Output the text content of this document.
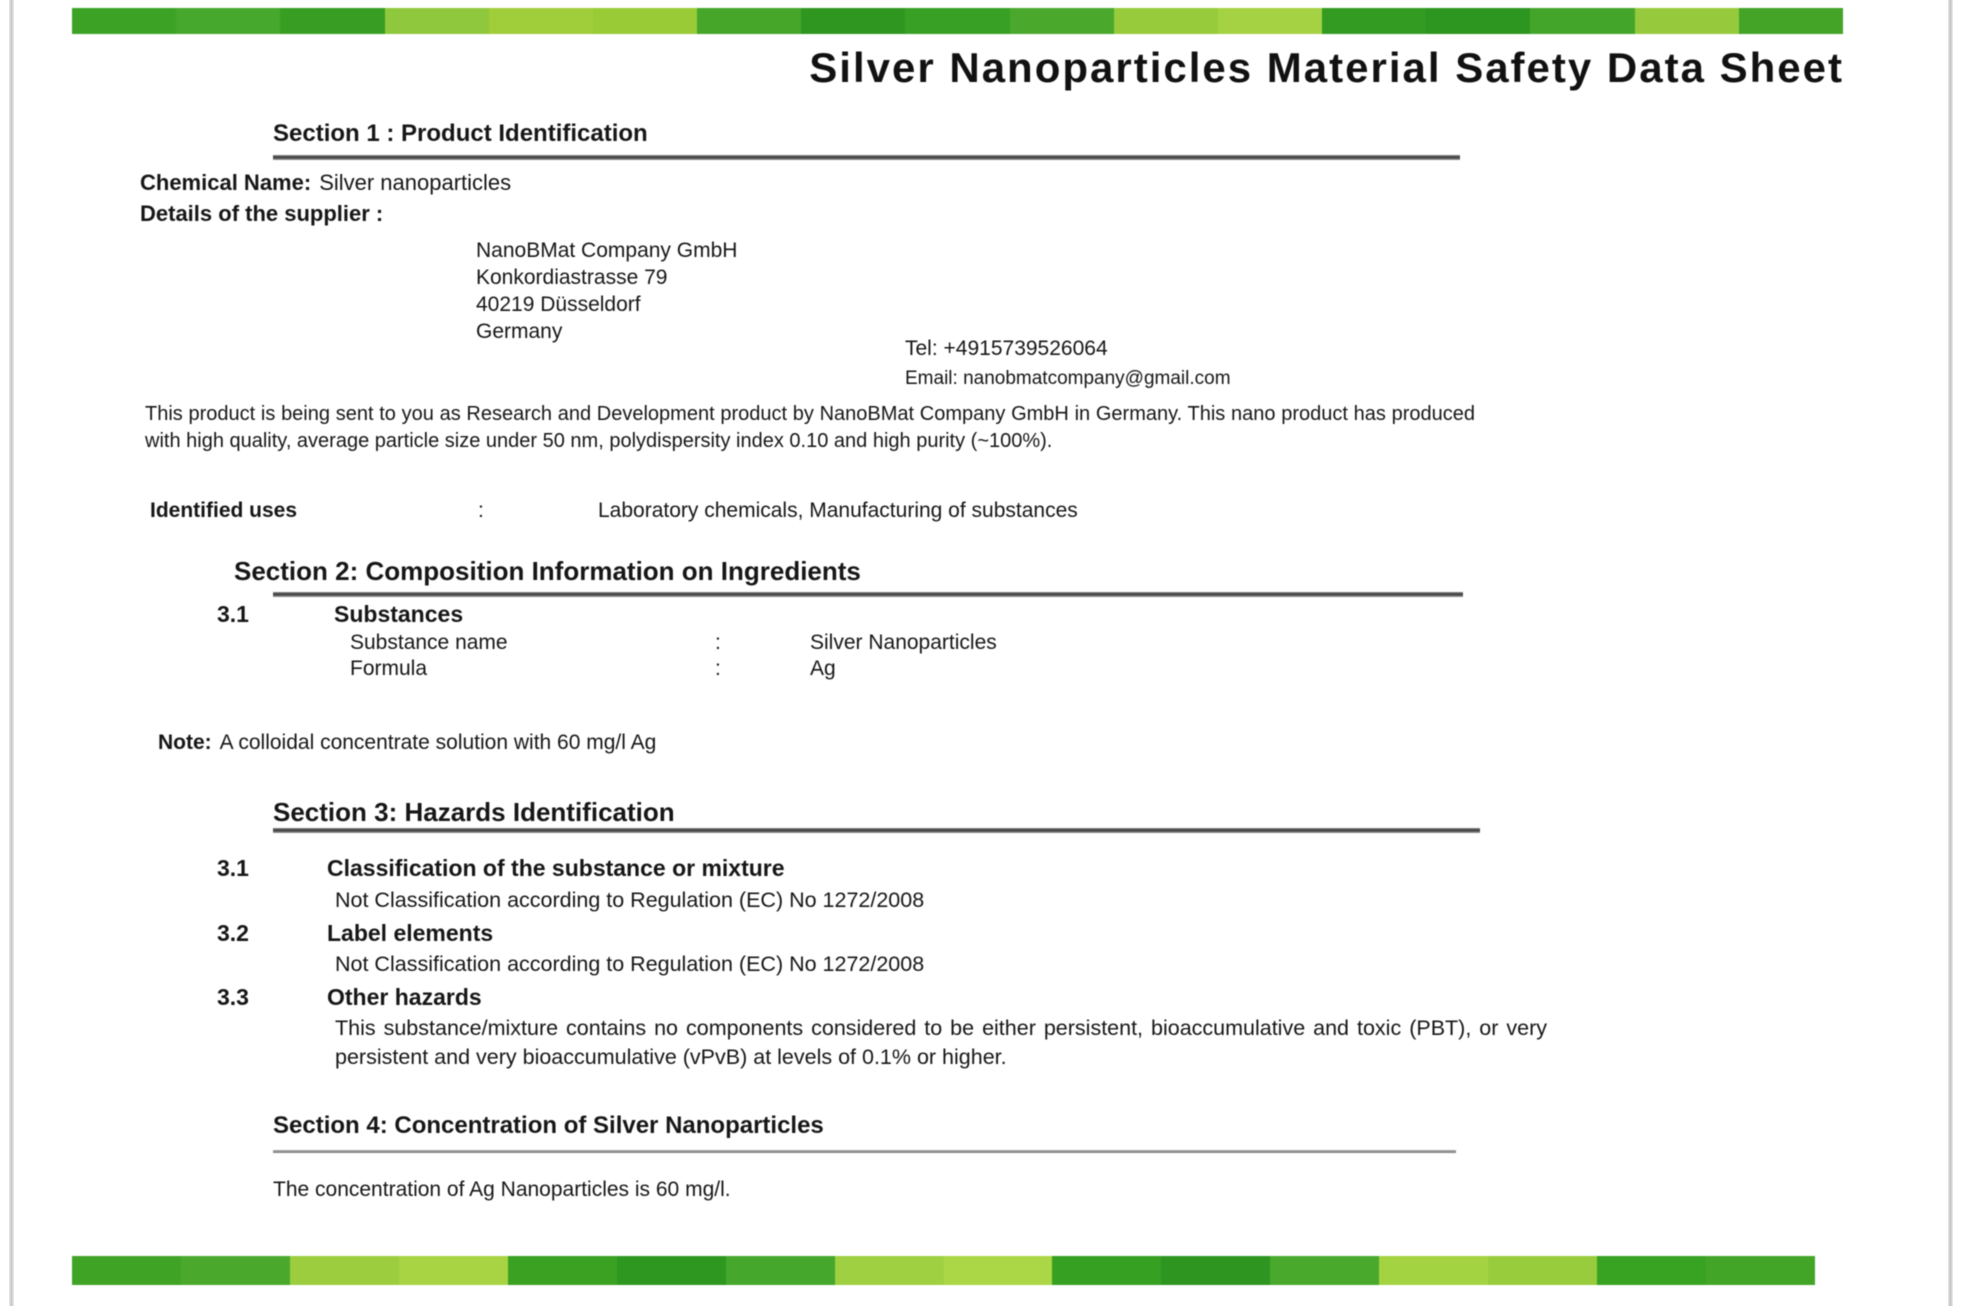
Silver Nanoparticles Material Safety Data Sheet
Section 1 : Product Identification
Chemical Name: Silver nanoparticles
Details of the supplier :
NanoBMat Company GmbH
Konkordiastrasse 79
40219 Düsseldorf
Germany
Tel: +4915739526064
Email: nanobmatcompany@gmail.com
This product is being sent to you as Research and Development product by NanoBMat Company GmbH in Germany. This nano product has produced with high quality, average particle size under 50 nm, polydispersity index 0.10 and high purity (~100%).
Identified uses	:	Laboratory chemicals, Manufacturing of substances
Section 2: Composition Information on Ingredients
3.1	Substances
Substance name	:	Silver Nanoparticles
Formula	:	Ag
Note: A colloidal concentrate solution with 60 mg/l Ag
Section 3: Hazards Identification
3.1	Classification of the substance or mixture
Not Classification according to Regulation (EC) No 1272/2008
3.2	Label elements
Not Classification according to Regulation (EC) No 1272/2008
3.3	Other hazards
This substance/mixture contains no components considered to be either persistent, bioaccumulative and toxic (PBT), or very persistent and very bioaccumulative (vPvB) at levels of 0.1% or higher.
Section 4: Concentration of Silver Nanoparticles
The concentration of Ag Nanoparticles is 60 mg/l.
